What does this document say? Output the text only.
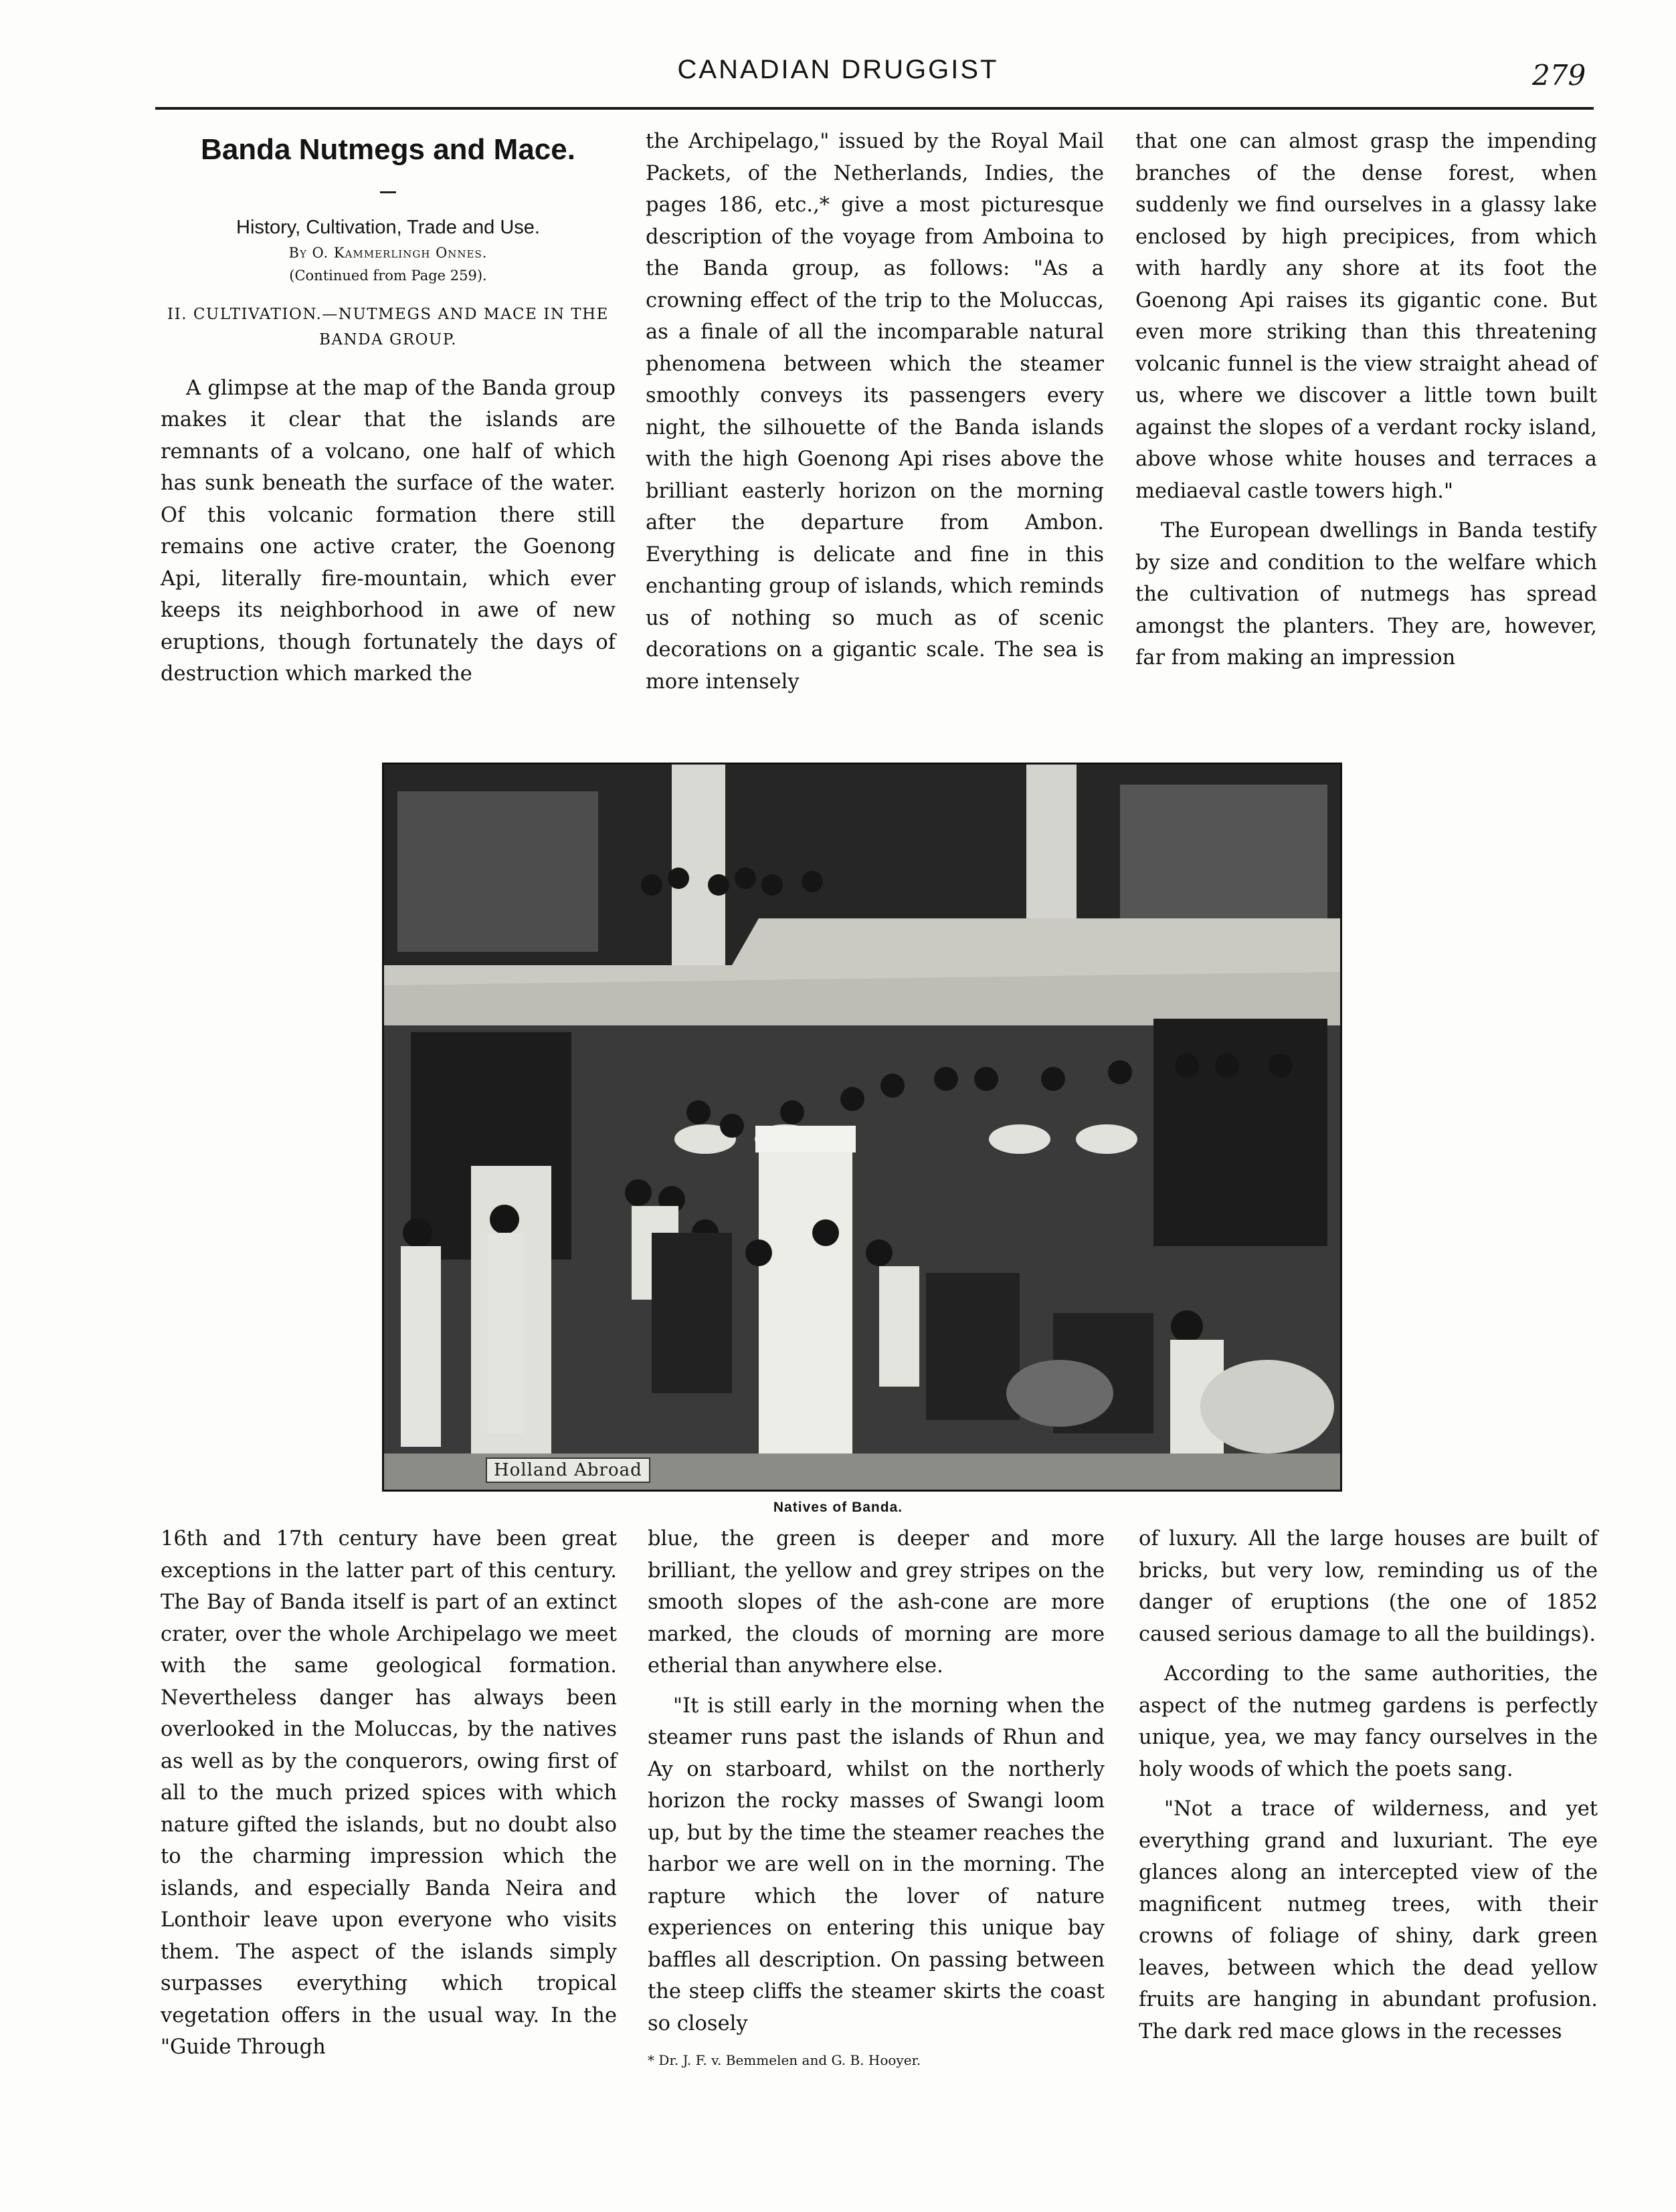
CANADIAN DRUGGIST	279
Banda Nutmegs and Mace.
History, Cultivation, Trade and Use.
By O. Kammerlingh Onnes.
(Continued from Page 259).
II. CULTIVATION.—NUTMEGS AND MACE IN THE BANDA GROUP.

A glimpse at the map of the Banda group makes it clear that the islands are remnants of a volcano, one half of which has sunk beneath the surface of the water. Of this volcanic formation there still remains one active crater, the Goenong Api, literally fire-mountain, which ever keeps its neighborhood in awe of new eruptions, though fortunately the days of destruction which marked the

the Archipelago," issued by the Royal Mail Packets, of the Netherlands, Indies, the pages 186, etc.,* give a most picturesque description of the voyage from Amboina to the Banda group, as follows: "As a crowning effect of the trip to the Moluccas, as a finale of all the incomparable natural phenomena between which the steamer smoothly conveys its passengers every night, the silhouette of the Banda islands with the high Goenong Api rises above the brilliant easterly horizon on the morning after the departure from Ambon. Everything is delicate and fine in this enchanting group of islands, which reminds us of nothing so much as of scenic decorations on a gigantic scale. The sea is more intensely

that one can almost grasp the impending branches of the dense forest, when suddenly we find ourselves in a glassy lake enclosed by high precipices, from which with hardly any shore at its foot the Goenong Api raises its gigantic cone. But even more striking than this threatening volcanic funnel is the view straight ahead of us, where we discover a little town built against the slopes of a verdant rocky island, above whose white houses and terraces a mediaeval castle towers high."

The European dwellings in Banda testify by size and condition to the welfare which the cultivation of nutmegs has spread amongst the planters. They are, however, far from making an impression

Holland Abroad
Natives of Banda.

16th and 17th century have been great exceptions in the latter part of this century. The Bay of Banda itself is part of an extinct crater, over the whole Archipelago we meet with the same geological formation. Nevertheless danger has always been overlooked in the Moluccas, by the natives as well as by the conquerors, owing first of all to the much prized spices with which nature gifted the islands, but no doubt also to the charming impression which the islands, and especially Banda Neira and Lonthoir leave upon everyone who visits them. The aspect of the islands simply surpasses everything which tropical vegetation offers in the usual way. In the "Guide Through

blue, the green is deeper and more brilliant, the yellow and grey stripes on the smooth slopes of the ash-cone are more marked, the clouds of morning are more etherial than anywhere else.

"It is still early in the morning when the steamer runs past the islands of Rhun and Ay on starboard, whilst on the northerly horizon the rocky masses of Swangi loom up, but by the time the steamer reaches the harbor we are well on in the morning. The rapture which the lover of nature experiences on entering this unique bay baffles all description. On passing between the steep cliffs the steamer skirts the coast so closely

* Dr. J. F. v. Bemmelen and G. B. Hooyer.

of luxury. All the large houses are built of bricks, but very low, reminding us of the danger of eruptions (the one of 1852 caused serious damage to all the buildings).

According to the same authorities, the aspect of the nutmeg gardens is perfectly unique, yea, we may fancy ourselves in the holy woods of which the poets sang.

"Not a trace of wilderness, and yet everything grand and luxuriant. The eye glances along an intercepted view of the magnificent nutmeg trees, with their crowns of foliage of shiny, dark green leaves, between which the dead yellow fruits are hanging in abundant profusion. The dark red mace glows in the recesses
